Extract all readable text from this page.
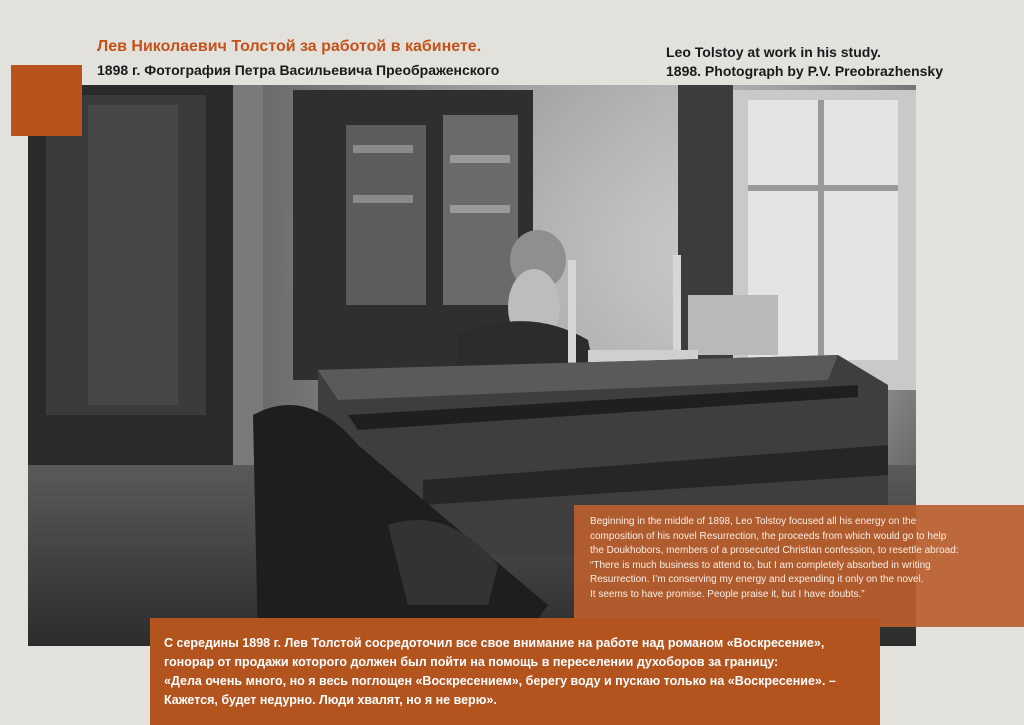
Лев Николаевич Толстой за работой в кабинете.
1898 г. Фотография Петра Васильевича Преображенского
Leo Tolstoy at work in his study.
1898. Photograph by P.V. Preobrazhensky
Beginning in the middle of 1898, Leo Tolstoy focused all his energy on the
composition of his novel Resurrection, the proceeds from which would go to help
the Doukhobors, members of a prosecuted Christian confession, to resettle abroad:
“There is much business to attend to, but I am completely absorbed in writing
Resurrection. I’m conserving my energy and expending it only on the novel.
It seems to have promise. People praise it, but I have doubts.”
С середины 1898 г. Лев Толстой сосредоточил все свое внимание на работе над романом «Воскресение»,
гонорар от продажи которого должен был пойти на помощь в переселении духоборов за границу:
«Дела очень много, но я весь поглощен «Воскресением», берегу воду и пускаю только на «Воскресение». –
Кажется, будет недурно. Люди хвалят, но я не верю».
